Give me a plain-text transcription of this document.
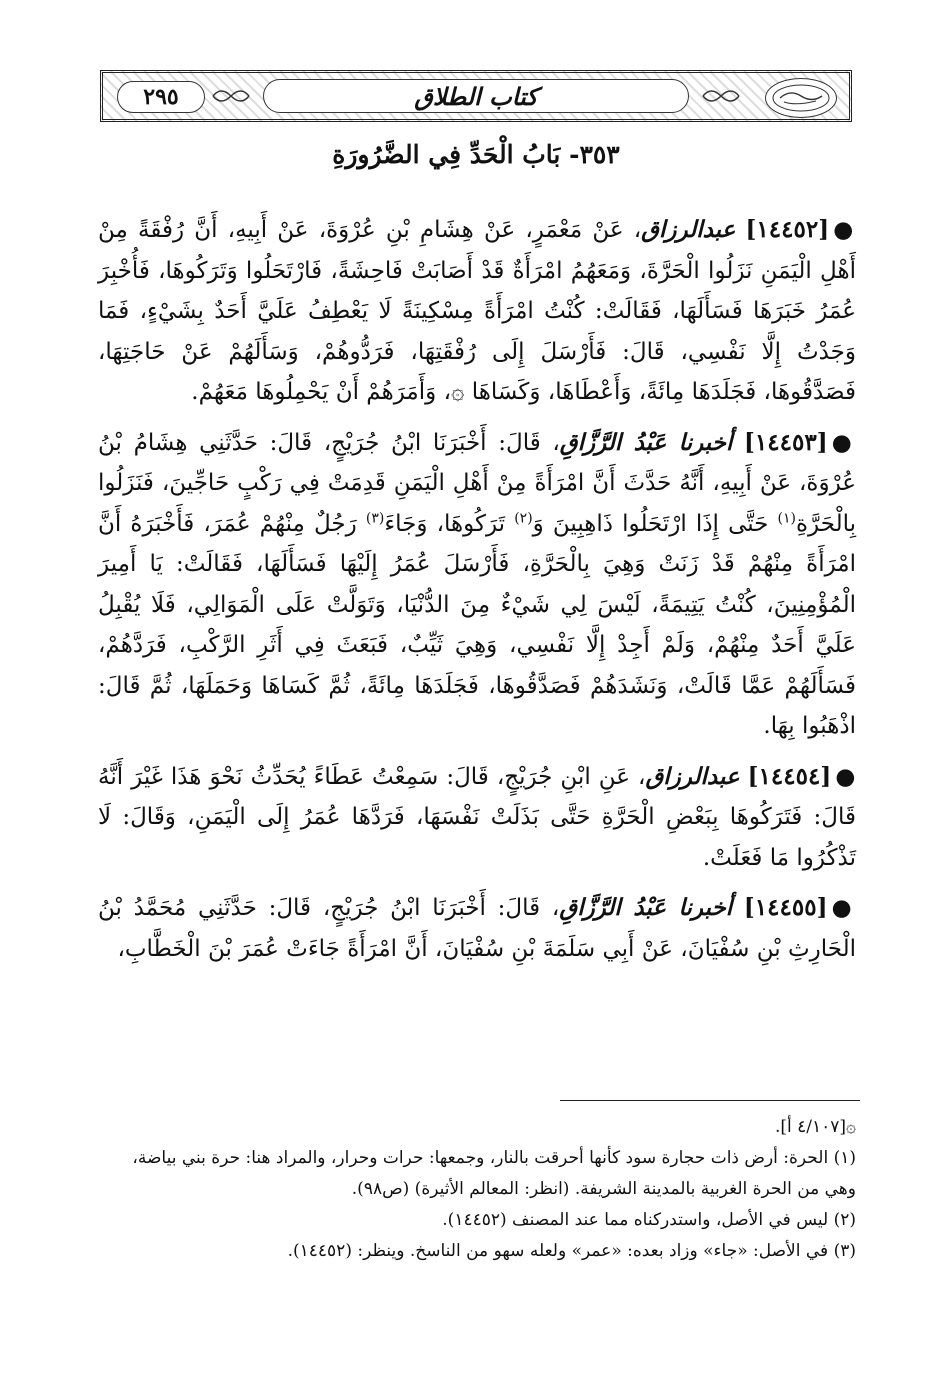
٢٩٥	كتاب الطلاق
٣٥٣- بَابُ الْحَدِّ فِي الضَّرُورَةِ

●[١٤٤٥٢] عبدالرزاق، عَنْ مَعْمَرٍ، عَنْ هِشَامِ بْنِ عُرْوَةَ، عَنْ أَبِيهِ، أَنَّ رُفْقَةً مِنْ أَهْلِ الْيَمَنِ نَزَلُوا الْحَرَّةَ، وَمَعَهُمُ امْرَأَةٌ قَدْ أَصَابَتْ فَاحِشَةً، فَارْتَحَلُوا وَتَرَكُوهَا، فَأُخْبِرَ عُمَرُ خَبَرَهَا فَسَأَلَهَا، فَقَالَتْ: كُنْتُ امْرَأَةً مِسْكِينَةً لَا يَعْطِفُ عَلَيَّ أَحَدٌ بِشَيْءٍ، فَمَا وَجَدْتُ إِلَّا نَفْسِي، قَالَ: فَأَرْسَلَ إِلَى رُفْقَتِهَا، فَرَدُّوهُمْ، وَسَأَلَهُمْ عَنْ حَاجَتِهَا، فَصَدَّقُوهَا، فَجَلَدَهَا مِائَةً، وَأَعْطَاهَا، وَكَسَاهَا ۞، وَأَمَرَهُمْ أَنْ يَحْمِلُوهَا مَعَهُمْ.

●[١٤٤٥٣] أخبرنا عَبْدُ الرَّزَّاقِ، قَالَ: أَخْبَرَنَا ابْنُ جُرَيْجٍ، قَالَ: حَدَّثَنِي هِشَامُ بْنُ عُرْوَةَ، عَنْ أَبِيهِ، أَنَّهُ حَدَّثَ أَنَّ امْرَأَةً مِنْ أَهْلِ الْيَمَنِ قَدِمَتْ فِي رَكْبٍ حَاجِّينَ، فَنَزَلُوا بِالْحَرَّةِ$^{(١)}$ حَتَّى إِذَا ارْتَحَلُوا ذَاهِبِينَ وَ$^{(٢)}$ تَرَكُوهَا، وَجَاءَ$^{(٣)}$ رَجُلٌ مِنْهُمْ عُمَرَ، فَأَخْبَرَهُ أَنَّ امْرَأَةً مِنْهُمْ قَدْ زَنَتْ وَهِيَ بِالْحَرَّةِ، فَأَرْسَلَ عُمَرُ إِلَيْهَا فَسَأَلَهَا، فَقَالَتْ: يَا أَمِيرَ الْمُؤْمِنِينَ، كُنْتُ يَتِيمَةً، لَيْسَ لِي شَيْءٌ مِنَ الدُّنْيَا، وَتَوَلَّتْ عَلَى الْمَوَالِي، فَلَا يُقْبِلُ عَلَيَّ أَحَدٌ مِنْهُمْ، وَلَمْ أَجِدْ إِلَّا نَفْسِي، وَهِيَ ثَيِّبٌ، فَبَعَثَ فِي أَثَرِ الرَّكْبِ، فَرَدَّهُمْ، فَسَأَلَهُمْ عَمَّا قَالَتْ، وَنَشَدَهُمْ فَصَدَّقُوهَا، فَجَلَدَهَا مِائَةً، ثُمَّ كَسَاهَا وَحَمَلَهَا، ثُمَّ قَالَ: اذْهَبُوا بِهَا.

●[١٤٤٥٤] عبدالرزاق، عَنِ ابْنِ جُرَيْجٍ، قَالَ: سَمِعْتُ عَطَاءً يُحَدِّثُ نَحْوَ هَذَا غَيْرَ أَنَّهُ قَالَ: فَتَرَكُوهَا بِبَعْضِ الْحَرَّةِ حَتَّى بَذَلَتْ نَفْسَهَا، فَرَدَّهَا عُمَرُ إِلَى الْيَمَنِ، وَقَالَ: لَا تَذْكُرُوا مَا فَعَلَتْ.

●[١٤٤٥٥] أخبرنا عَبْدُ الرَّزَّاقِ، قَالَ: أَخْبَرَنَا ابْنُ جُرَيْجٍ، قَالَ: حَدَّثَنِي مُحَمَّدُ بْنُ الْحَارِثِ بْنِ سُفْيَانَ، عَنْ أَبِي سَلَمَةَ بْنِ سُفْيَانَ، أَنَّ امْرَأَةً جَاءَتْ عُمَرَ بْنَ الْخَطَّابِ،

۞[٤/١٠٧ أ].

(١) الحرة: أرض ذات حجارة سود كأنها أحرقت بالنار، وجمعها: حرات وحرار، والمراد هنا: حرة بني بياضة، وهي من الحرة الغربية بالمدينة الشريفة. (انظر: المعالم الأثيرة) (ص٩٨).

(٢) ليس في الأصل، واستدركناه مما عند المصنف (١٤٤٥٢).

(٣) في الأصل: «جاء» وزاد بعده: «عمر» ولعله سهو من الناسخ. وينظر: (١٤٤٥٢).
